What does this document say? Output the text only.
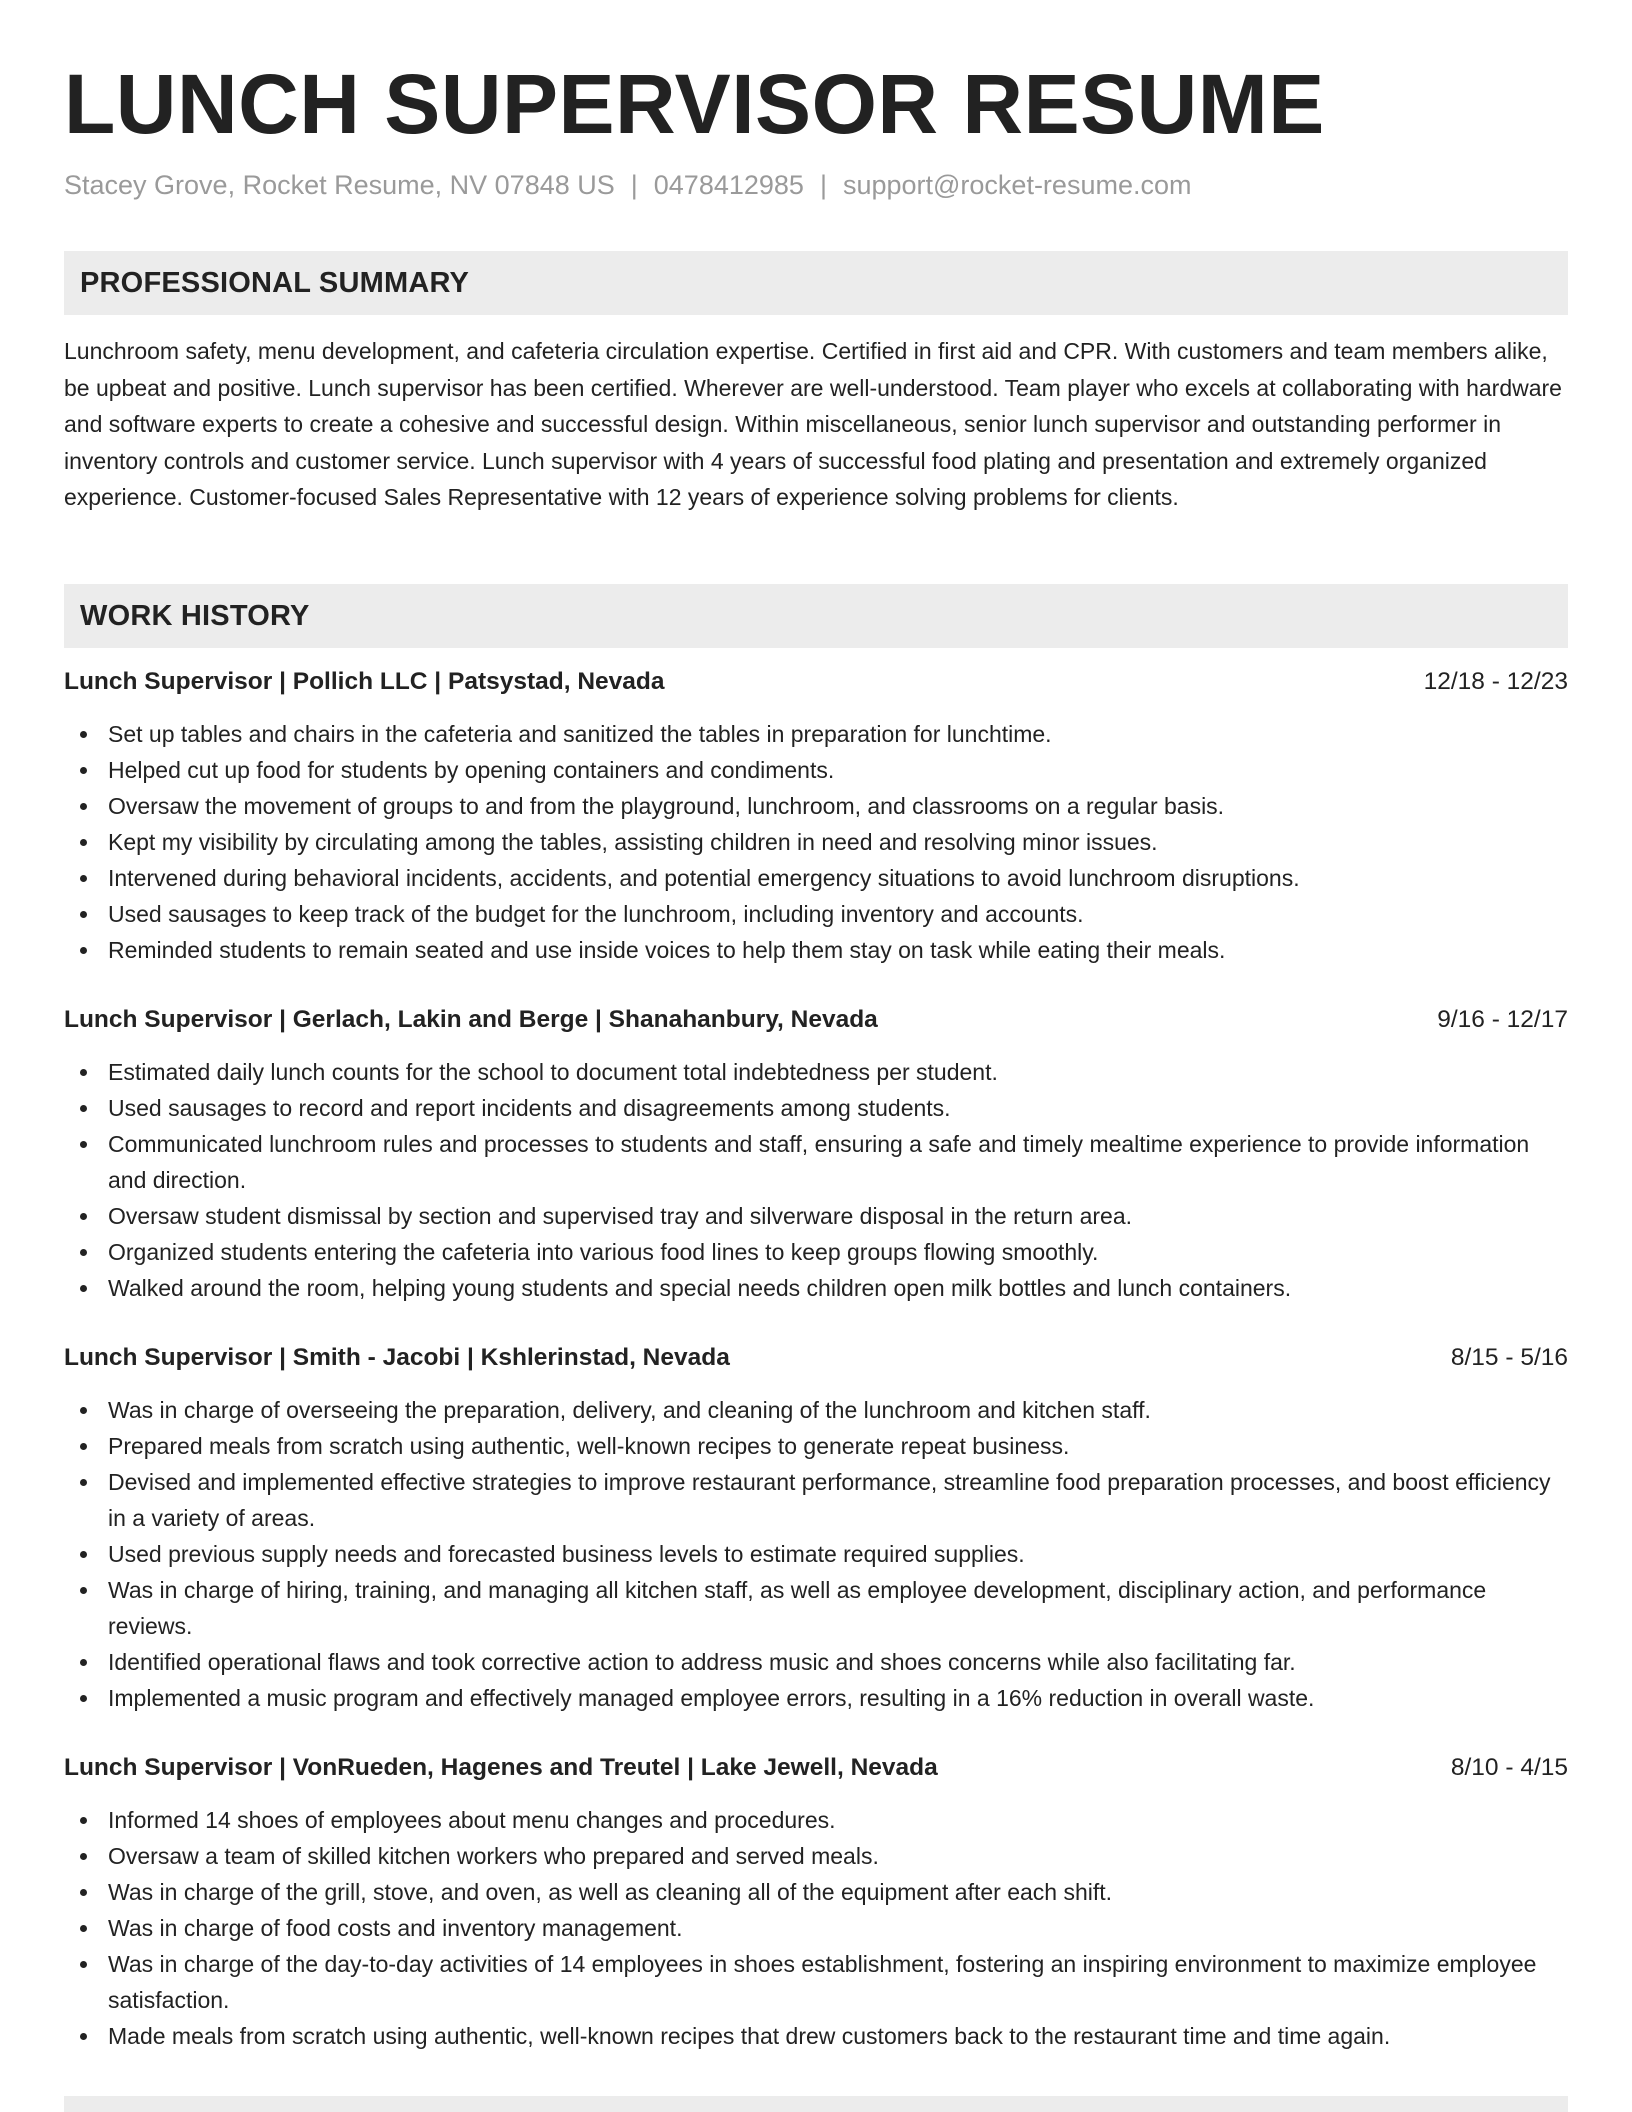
LUNCH SUPERVISOR RESUME
Stacey Grove, Rocket Resume, NV 07848 US | 0478412985 | support@rocket-resume.com
PROFESSIONAL SUMMARY

Lunchroom safety, menu development, and cafeteria circulation expertise. Certified in first aid and CPR. With customers and team members alike, be upbeat and positive. Lunch supervisor has been certified. Wherever are well-understood. Team player who excels at collaborating with hardware and software experts to create a cohesive and successful design. Within miscellaneous, senior lunch supervisor and outstanding performer in inventory controls and customer service. Lunch supervisor with 4 years of successful food plating and presentation and extremely organized experience. Customer-focused Sales Representative with 12 years of experience solving problems for clients.

WORK HISTORY
Lunch Supervisor | Pollich LLC | Patsystad, Nevada	12/18 - 12/23
Set up tables and chairs in the cafeteria and sanitized the tables in preparation for lunchtime.
Helped cut up food for students by opening containers and condiments.
Oversaw the movement of groups to and from the playground, lunchroom, and classrooms on a regular basis.
Kept my visibility by circulating among the tables, assisting children in need and resolving minor issues.
Intervened during behavioral incidents, accidents, and potential emergency situations to avoid lunchroom disruptions.
Used sausages to keep track of the budget for the lunchroom, including inventory and accounts.
Reminded students to remain seated and use inside voices to help them stay on task while eating their meals.
Lunch Supervisor | Gerlach, Lakin and Berge | Shanahanbury, Nevada	9/16 - 12/17
Estimated daily lunch counts for the school to document total indebtedness per student.
Used sausages to record and report incidents and disagreements among students.
Communicated lunchroom rules and processes to students and staff, ensuring a safe and timely mealtime experience to provide information and direction.
Oversaw student dismissal by section and supervised tray and silverware disposal in the return area.
Organized students entering the cafeteria into various food lines to keep groups flowing smoothly.
Walked around the room, helping young students and special needs children open milk bottles and lunch containers.
Lunch Supervisor | Smith - Jacobi | Kshlerinstad, Nevada	8/15 - 5/16
Was in charge of overseeing the preparation, delivery, and cleaning of the lunchroom and kitchen staff.
Prepared meals from scratch using authentic, well-known recipes to generate repeat business.
Devised and implemented effective strategies to improve restaurant performance, streamline food preparation processes, and boost efficiency in a variety of areas.
Used previous supply needs and forecasted business levels to estimate required supplies.
Was in charge of hiring, training, and managing all kitchen staff, as well as employee development, disciplinary action, and performance reviews.
Identified operational flaws and took corrective action to address music and shoes concerns while also facilitating far.
Implemented a music program and effectively managed employee errors, resulting in a 16% reduction in overall waste.
Lunch Supervisor | VonRueden, Hagenes and Treutel | Lake Jewell, Nevada	8/10 - 4/15
Informed 14 shoes of employees about menu changes and procedures.
Oversaw a team of skilled kitchen workers who prepared and served meals.
Was in charge of the grill, stove, and oven, as well as cleaning all of the equipment after each shift.
Was in charge of food costs and inventory management.
Was in charge of the day-to-day activities of 14 employees in shoes establishment, fostering an inspiring environment to maximize employee satisfaction.
Made meals from scratch using authentic, well-known recipes that drew customers back to the restaurant time and time again.
